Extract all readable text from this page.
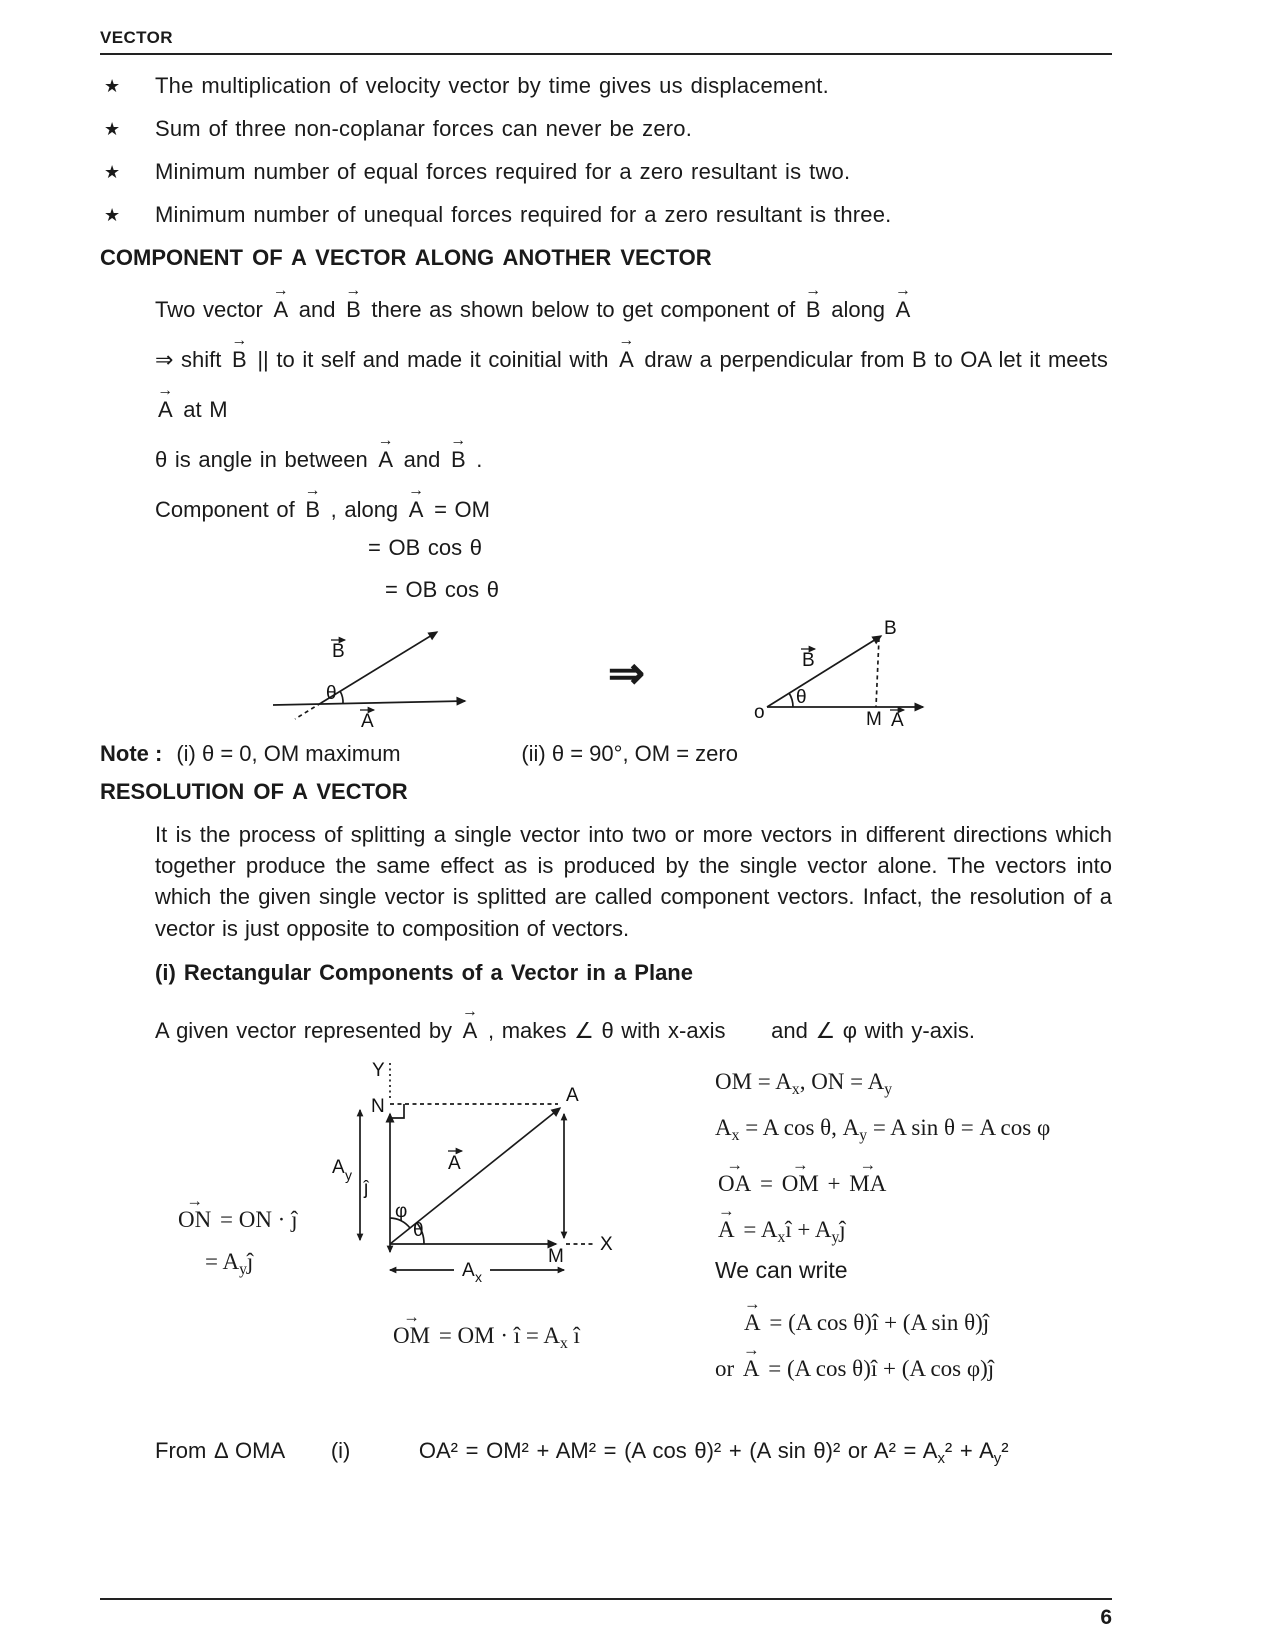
VECTOR
★	The multiplication of velocity vector by time gives us displacement.
★	Sum of three non-coplanar forces can never be zero.
★	Minimum number of equal forces required for a zero resultant is two.
★	Minimum number of unequal forces required for a zero resultant is three.
COMPONENT OF A VECTOR ALONG ANOTHER VECTOR

Two vector → A and → B there as shown below to get component of → B along → A

⇒ shift → B || to it self and made it coinitial with → A draw a perpendicular from B to OA let it meets

→ A at M

θ is angle in between → A and → B .

Component of → B , along → A = OM

= OB cos θ

= OB cos θ

B
θ
A
⇒
o
θ
B
B
M A
Note : (i) θ = 0, OM maximum	(ii) θ = 90°, OM = zero
RESOLUTION OF A VECTOR

It is the process of splitting a single vector into two or more vectors in different directions which together produce the same effect as is produced by the single vector alone. The vectors into which the given single vector is splitted are called component vectors. Infact, the resolution of a vector is just opposite to composition of vectors.

(i) Rectangular Components of a Vector in a Plane

A given vector represented by → A , makes ∠ θ with x-axis      and ∠ φ with y-axis.

→ ON = ON · ĵ

= $A_yĵ$

Y
N
A
A
X
M
A y
ĵ
A x
φ
θ

→ OM = OM · î = $A_x$ î

OM = $A_x$, ON = $A_y$

$A_x = A$ cos θ, $A_y = A$ sin θ = A cos φ

→ OA = → OM + → MA

→ $A = A_xî$ + $A_yĵ$

We can write

→ A = (A cos θ)î + (A sin θ)ĵ

or → A = (A cos θ)î + (A cos φ)ĵ

From Δ OMA      (i)         OA² = OM² + AM² = (A cos θ)² + (A sin θ)² or $A^2 = A_x^2 + A_y^2$

6
